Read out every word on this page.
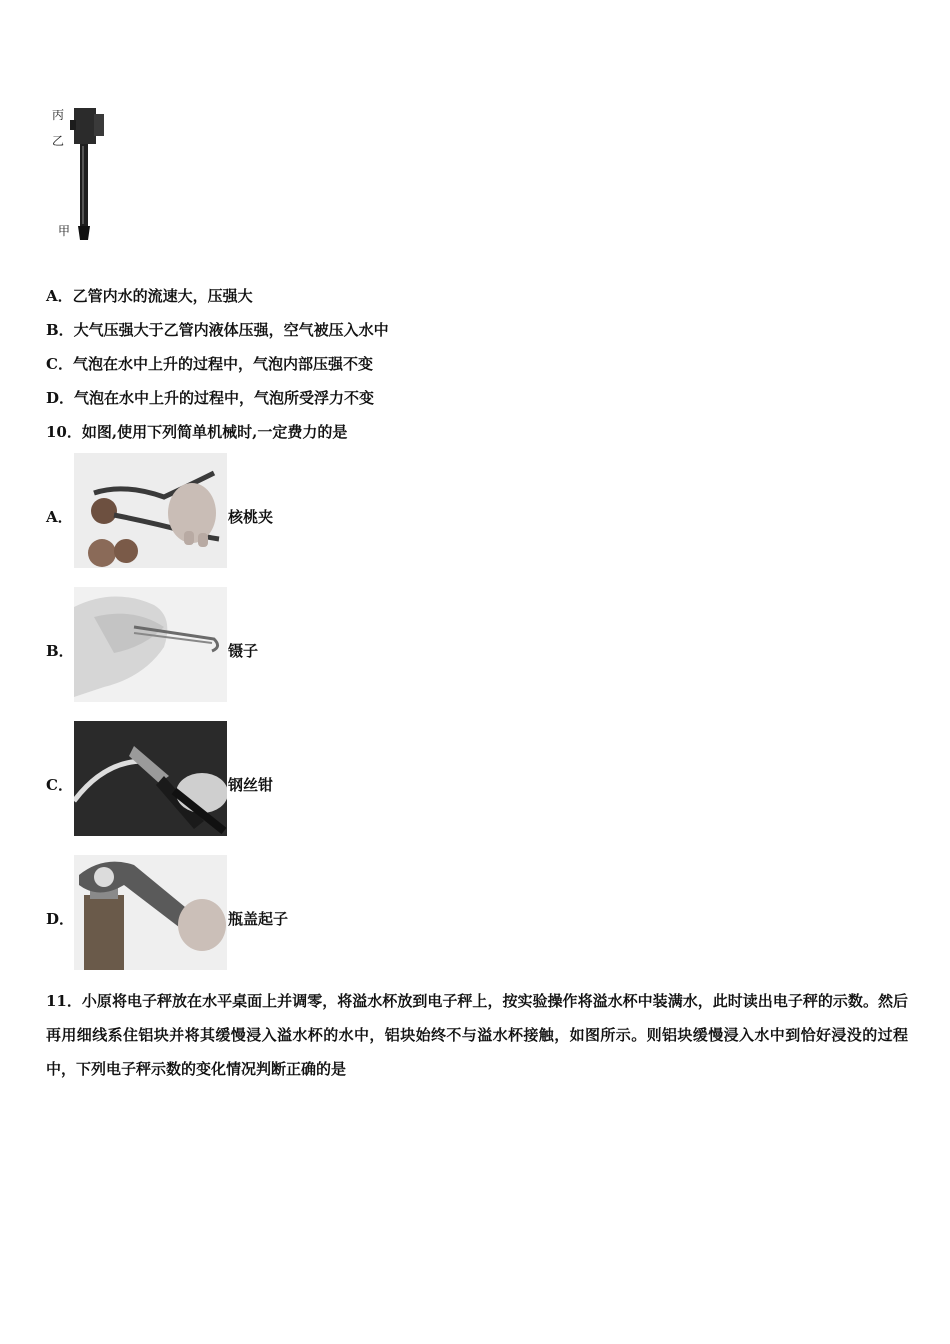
丙
乙
甲
A．乙管内水的流速大，压强大
B．大气压强大于乙管内液体压强，空气被压入水中
C．气泡在水中上升的过程中，气泡内部压强不变
D．气泡在水中上升的过程中，气泡所受浮力不变
10．如图,使用下列简单机械时,一定费力的是
A．	核桃夹
B．	镊子
C．	钢丝钳
D．	瓶盖起子
11．小原将电子秤放在水平桌面上并调零，将溢水杯放到电子秤上，按实验操作将溢水杯中装满水，此时读出电子秤的示数。然后再用细线系住铝块并将其缓慢浸入溢水杯的水中，铝块始终不与溢水杯接触，如图所示。则铝块缓慢浸入水中到恰好浸没的过程中，下列电子秤示数的变化情况判断正确的是
